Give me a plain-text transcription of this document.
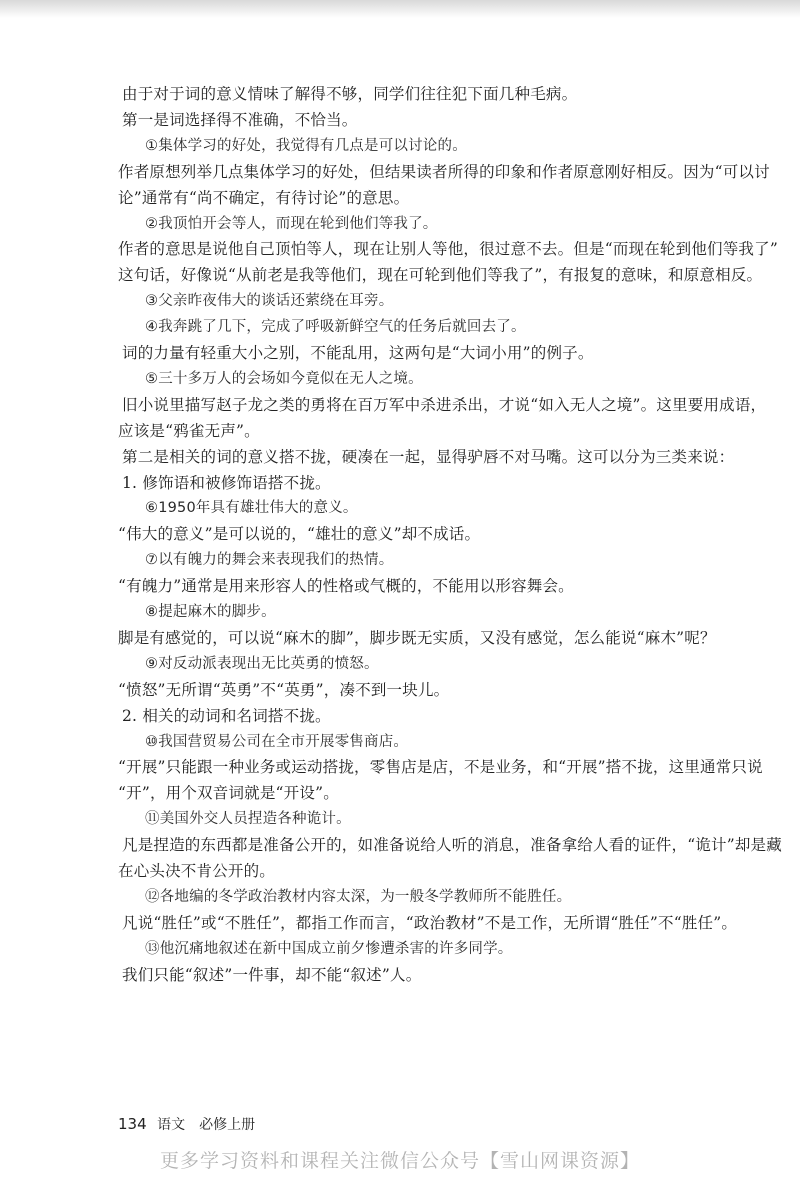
由于对于词的意义情味了解得不够，同学们往往犯下面几种毛病。
第一是词选择得不准确，不恰当。
①集体学习的好处，我觉得有几点是可以讨论的。
作者原想列举几点集体学习的好处，但结果读者所得的印象和作者原意刚好相反。因为“可以讨
论”通常有“尚不确定，有待讨论”的意思。
②我顶怕开会等人，而现在轮到他们等我了。
作者的意思是说他自己顶怕等人，现在让别人等他，很过意不去。但是“而现在轮到他们等我了”
这句话，好像说“从前老是我等他们，现在可轮到他们等我了”，有报复的意味，和原意相反。
③父亲昨夜伟大的谈话还萦绕在耳旁。
④我奔跳了几下，完成了呼吸新鲜空气的任务后就回去了。
词的力量有轻重大小之别，不能乱用，这两句是“大词小用”的例子。
⑤三十多万人的会场如今竟似在无人之境。
旧小说里描写赵子龙之类的勇将在百万军中杀进杀出，才说“如入无人之境”。这里要用成语，
应该是“鸦雀无声”。
第二是相关的词的意义搭不拢，硬凑在一起，显得驴唇不对马嘴。这可以分为三类来说：
1. 修饰语和被修饰语搭不拢。
⑥1950年具有雄壮伟大的意义。
“伟大的意义”是可以说的，“雄壮的意义”却不成话。
⑦以有魄力的舞会来表现我们的热情。
“有魄力”通常是用来形容人的性格或气概的，不能用以形容舞会。
⑧提起麻木的脚步。
脚是有感觉的，可以说“麻木的脚”，脚步既无实质，又没有感觉，怎么能说“麻木”呢？
⑨对反动派表现出无比英勇的愤怒。
“愤怒”无所谓“英勇”不“英勇”，凑不到一块儿。
2. 相关的动词和名词搭不拢。
⑩我国营贸易公司在全市开展零售商店。
“开展”只能跟一种业务或运动搭拢，零售店是店，不是业务，和“开展”搭不拢，这里通常只说
“开”，用个双音词就是“开设”。
⑪美国外交人员捏造各种诡计。
凡是捏造的东西都是准备公开的，如准备说给人听的消息，准备拿给人看的证件，“诡计”却是藏
在心头决不肯公开的。
⑫各地编的冬学政治教材内容太深，为一般冬学教师所不能胜任。
凡说“胜任”或“不胜任”，都指工作而言，“政治教材”不是工作，无所谓“胜任”不“胜任”。
⑬他沉痛地叙述在新中国成立前夕惨遭杀害的许多同学。
我们只能“叙述”一件事，却不能“叙述”人。
134 语文　必修上册
更多学习资料和课程关注微信公众号【雪山网课资源】
